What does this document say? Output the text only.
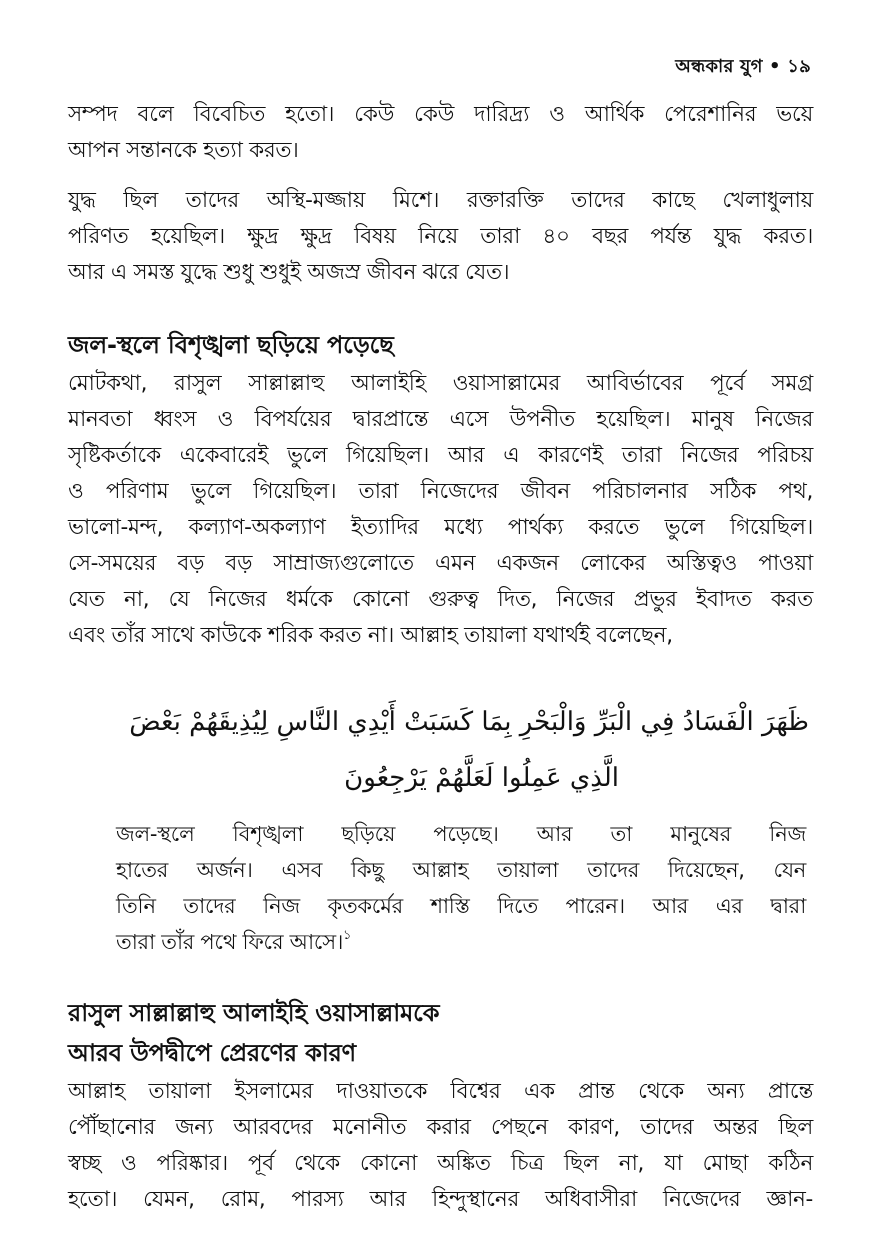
অন্ধকার যুগ • ১৯
সম্পদ বলে বিবেচিত হতো। কেউ কেউ দারিদ্র্য ও আর্থিক পেরেশানির ভয়ে
আপন সন্তানকে হত্যা করত।
যুদ্ধ ছিল তাদের অস্থি-মজ্জায় মিশে। রক্তারক্তি তাদের কাছে খেলাধুলায়
পরিণত হয়েছিল। ক্ষুদ্র ক্ষুদ্র বিষয় নিয়ে তারা ৪০ বছর পর্যন্ত যুদ্ধ করত।
আর এ সমস্ত যুদ্ধে শুধু শুধুই অজস্র জীবন ঝরে যেত।
জল-স্থলে বিশৃঙ্খলা ছড়িয়ে পড়েছে
মোটকথা, রাসুল সাল্লাল্লাহু আলাইহি ওয়াসাল্লামের আবির্ভাবের পূর্বে সমগ্র
মানবতা ধ্বংস ও বিপর্যয়ের দ্বারপ্রান্তে এসে উপনীত হয়েছিল। মানুষ নিজের
সৃষ্টিকর্তাকে একেবারেই ভুলে গিয়েছিল। আর এ কারণেই তারা নিজের পরিচয়
ও পরিণাম ভুলে গিয়েছিল। তারা নিজেদের জীবন পরিচালনার সঠিক পথ,
ভালো-মন্দ, কল্যাণ-অকল্যাণ ইত্যাদির মধ্যে পার্থক্য করতে ভুলে গিয়েছিল।
সে-সময়ের বড় বড় সাম্রাজ্যগুলোতে এমন একজন লোকের অস্তিত্বও পাওয়া
যেত না, যে নিজের ধর্মকে কোনো গুরুত্ব দিত, নিজের প্রভুর ইবাদত করত
এবং তাঁর সাথে কাউকে শরিক করত না। আল্লাহ তায়ালা যথার্থই বলেছেন,
ظَهَرَ الْفَسَادُ فِي الْبَرِّ وَالْبَحْرِ بِمَا كَسَبَتْ أَيْدِي النَّاسِ لِيُذِيقَهُمْ بَعْضَ
الَّذِي عَمِلُوا لَعَلَّهُمْ يَرْجِعُونَ
জল-স্থলে বিশৃঙ্খলা ছড়িয়ে পড়েছে। আর তা মানুষের নিজ
হাতের অর্জন। এসব কিছু আল্লাহ তায়ালা তাদের দিয়েছেন, যেন
তিনি তাদের নিজ কৃতকর্মের শাস্তি দিতে পারেন। আর এর দ্বারা
তারা তাঁর পথে ফিরে আসে।$^১$
রাসুল সাল্লাল্লাহু আলাইহি ওয়াসাল্লামকে
আরব উপদ্বীপে প্রেরণের কারণ
আল্লাহ তায়ালা ইসলামের দাওয়াতকে বিশ্বের এক প্রান্ত থেকে অন্য প্রান্তে
পৌঁছানোর জন্য আরবদের মনোনীত করার পেছনে কারণ, তাদের অন্তর ছিল
স্বচ্ছ ও পরিষ্কার। পূর্ব থেকে কোনো অঙ্কিত চিত্র ছিল না, যা মোছা কঠিন
হতো। যেমন, রোম, পারস্য আর হিন্দুস্থানের অধিবাসীরা নিজেদের জ্ঞান-
